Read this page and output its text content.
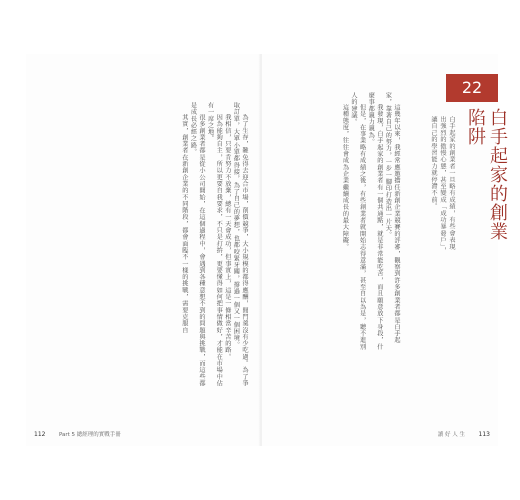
為了生存，難免得去迎合市場，削價競爭，大小規模的都得應酬，閒門羹沒有少吃過。為了爭取訂單，大單小單都得接，為了自己的夢想，也都咬緊牙關，撐過一個又一個困境。

我相信，只要肯努力不放棄，總有一天會成功，但事實上，這是一條相當辛苦的路。

因為能夠自主，所以更要自我要求，不只是打拚，更要懂得如何把事情做好，才能在市場中佔有一席之地。

很多創業者都是從小公司開始，在這個過程中，會遇到各種意想不到的問題與挑戰，而這些都是成長必經之路。

其實，創業者在新創企業的不同階段，都會面臨不一樣的挑戰，需要克服自

112 Part 5 總經理的實戰手冊
22
白手起家的創業陷阱
白手起家的創業者一旦略有成績，有些會表現出強烈的傲慢心態，甚至變成「成功暴發戶」，讓自己的學習能力就停滯不前。

這幾年以來，我經常應邀擔任新創企業競賽的評審，觀察到許多創業者都是白手起家，靠著自己的努力，一步一腳印打造出一片天。

我發現，白手起家的創業者有一個共通點，就是非常能吃苦，而且願意放下身段，什麼事都親力親為。

但是，在事業略有成績之後，有些創業者就開始志得意滿，甚至自以為是，聽不進別人的建議。

這種態度，往往會成為企業繼續成長的最大障礙。

讀 好 人 生 113
